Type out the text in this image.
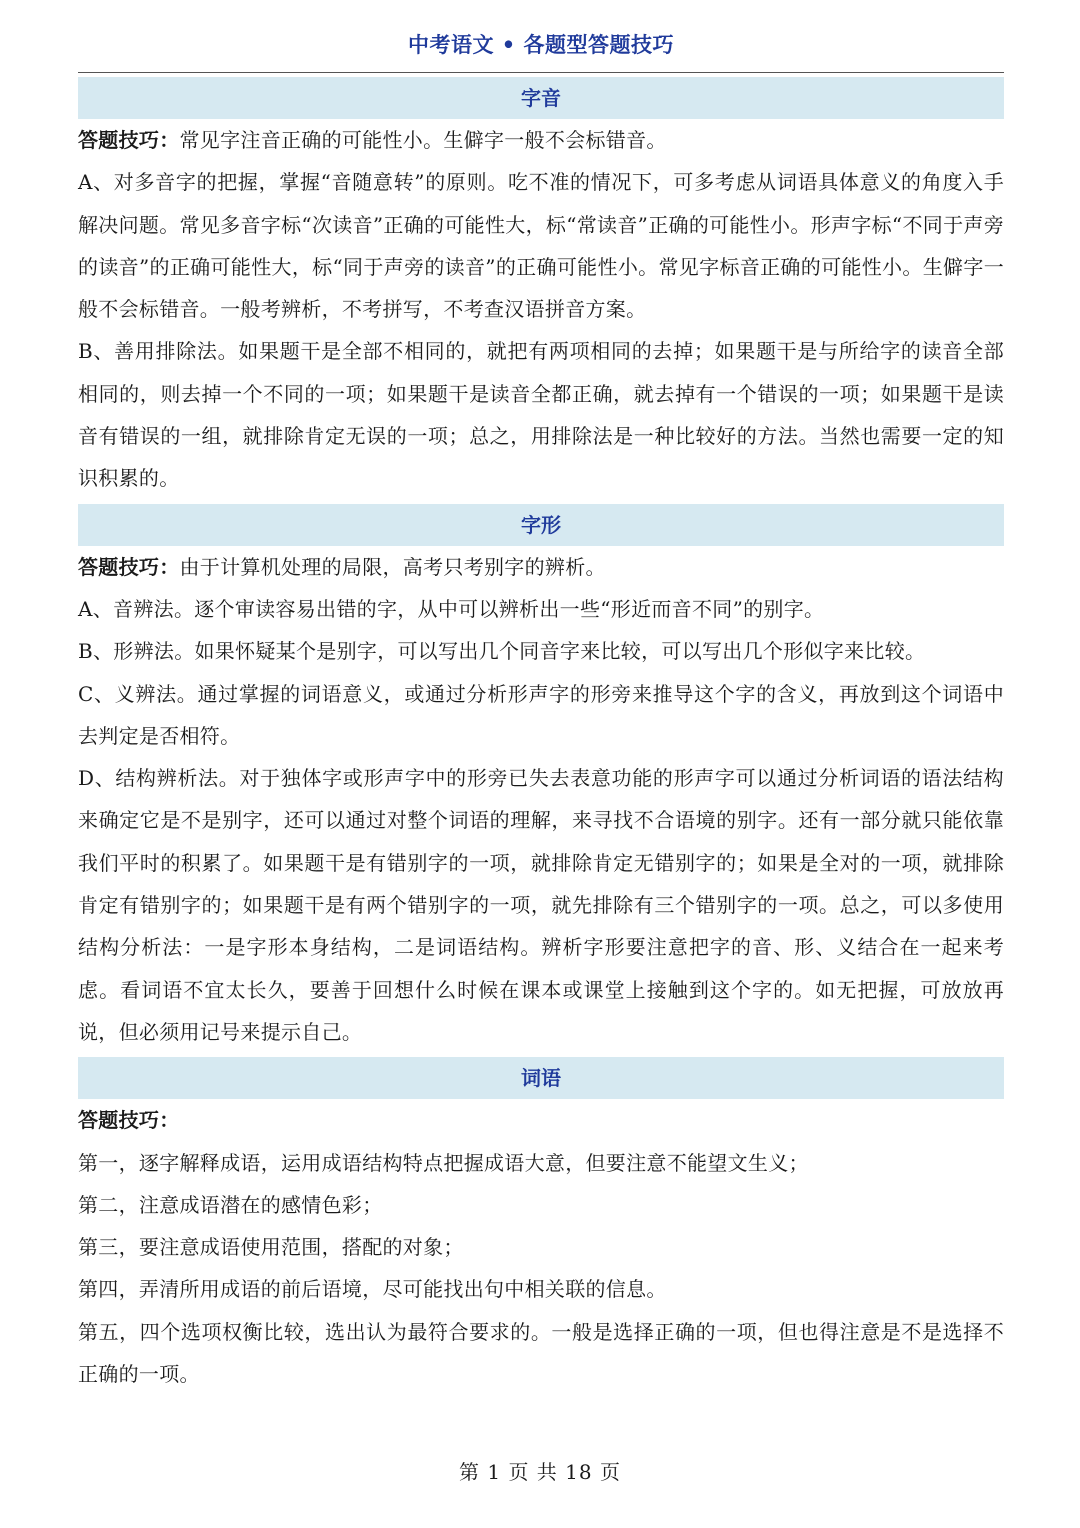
中考语文 • 各题型答题技巧
字音

答题技巧：常见字注音正确的可能性小。生僻字一般不会标错音。

A、对多音字的把握，掌握“音随意转”的原则。吃不准的情况下，可多考虑从词语具体意义的角度入手解决问题。常见多音字标“次读音”正确的可能性大，标“常读音”正确的可能性小。形声字标“不同于声旁的读音”的正确可能性大，标“同于声旁的读音”的正确可能性小。常见字标音正确的可能性小。生僻字一般不会标错音。一般考辨析，不考拼写，不考查汉语拼音方案。

B、善用排除法。如果题干是全部不相同的，就把有两项相同的去掉；如果题干是与所给字的读音全部相同的，则去掉一个不同的一项；如果题干是读音全都正确，就去掉有一个错误的一项；如果题干是读音有错误的一组，就排除肯定无误的一项；总之，用排除法是一种比较好的方法。当然也需要一定的知识积累的。

字形

答题技巧：由于计算机处理的局限，高考只考别字的辨析。

A、音辨法。逐个审读容易出错的字，从中可以辨析出一些“形近而音不同”的别字。

B、形辨法。如果怀疑某个是别字，可以写出几个同音字来比较，可以写出几个形似字来比较。

C、义辨法。通过掌握的词语意义，或通过分析形声字的形旁来推导这个字的含义，再放到这个词语中去判定是否相符。

D、结构辨析法。对于独体字或形声字中的形旁已失去表意功能的形声字可以通过分析词语的语法结构来确定它是不是别字，还可以通过对整个词语的理解，来寻找不合语境的别字。还有一部分就只能依靠我们平时的积累了。如果题干是有错别字的一项，就排除肯定无错别字的；如果是全对的一项，就排除肯定有错别字的；如果题干是有两个错别字的一项，就先排除有三个错别字的一项。总之，可以多使用结构分析法：一是字形本身结构，二是词语结构。辨析字形要注意把字的音、形、义结合在一起来考虑。看词语不宜太长久，要善于回想什么时候在课本或课堂上接触到这个字的。如无把握，可放放再说，但必须用记号来提示自己。

词语

答题技巧：

第一，逐字解释成语，运用成语结构特点把握成语大意，但要注意不能望文生义；

第二，注意成语潜在的感情色彩；

第三，要注意成语使用范围，搭配的对象；

第四，弄清所用成语的前后语境，尽可能找出句中相关联的信息。

第五，四个选项权衡比较，选出认为最符合要求的。一般是选择正确的一项，但也得注意是不是选择不正确的一项。

第 1 页 共 18 页
